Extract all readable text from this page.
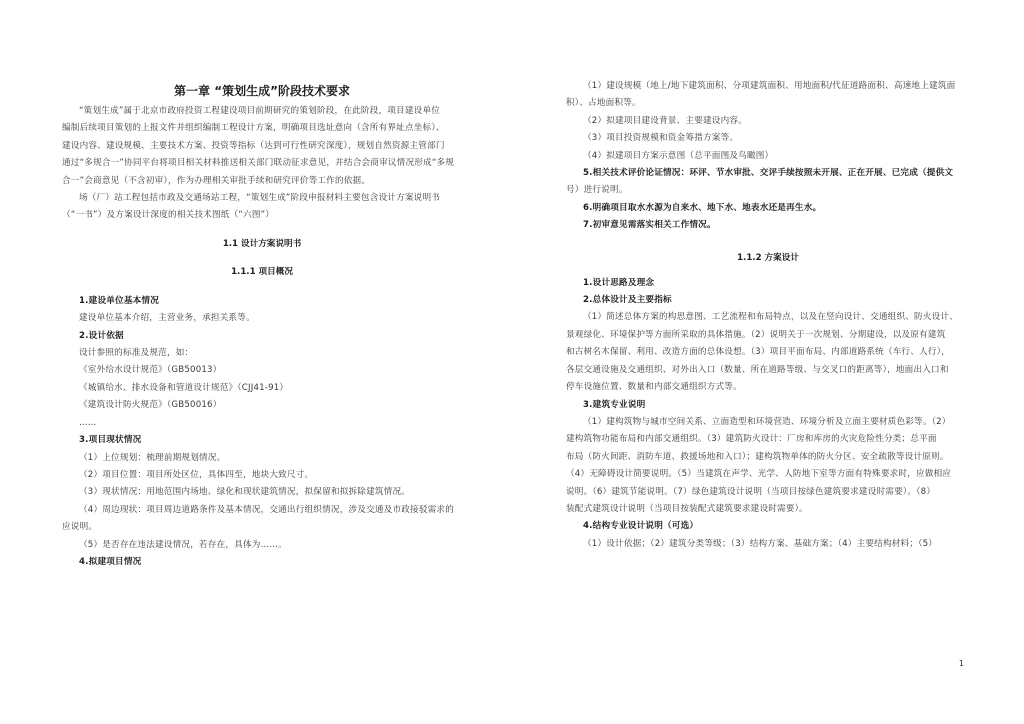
第一章 “策划生成”阶段技术要求

“策划生成”属于北京市政府投资工程建设项目前期研究的策划阶段，在此阶段，项目建设单位

编制后续项目策划的上报文件并组织编制工程设计方案，明确项目选址意向（含所有界址点坐标）、

建设内容、建设规模、主要技术方案、投资等指标（达到可行性研究深度），规划自然资源主管部门

通过“多规合一”协同平台将项目相关材料推送相关部门联动征求意见，并结合会商审议情况形成“多规

合一”会商意见（不含初审），作为办理相关审批手续和研究评价等工作的依据。

场（厂）站工程包括市政及交通场站工程，“策划生成”阶段申报材料主要包含设计方案说明书

（“一书”）及方案设计深度的相关技术图纸（“六图”）

1.1 设计方案说明书

1.1.1 项目概况

1.建设单位基本情况

建设单位基本介绍，主营业务，承担关系等。

2.设计依据

设计参照的标准及规范，如：

《室外给水设计规范》（GB50013）

《城镇给水、排水设备和管道设计规范》（CJJ41-91）

《建筑设计防火规范》（GB50016）

……

3.项目现状情况

（1）上位规划：梳理前期规划情况。

（2）项目位置：项目所处区位，具体四至，地块大致尺寸。

（3）现状情况：用地范围内场地、绿化和现状建筑情况，拟保留和拟拆除建筑情况。

（4）周边现状：项目周边道路条件及基本情况，交通出行组织情况，涉及交通及市政接驳需求的

应说明。

（5）是否存在违法建设情况，若存在，具体为……。

4.拟建项目情况

（1）建设规模（地上/地下建筑面积、分项建筑面积、用地面积/代征道路面积、高速地上建筑面

积）、占地面积等。

（2）拟建项目建设背景、主要建设内容。

（3）项目投资规模和资金筹措方案等。

（4）拟建项目方案示意图（总平面图及鸟瞰图）

5.相关技术评价论证情况：环评、节水审批、交评手续按照未开展、正在开展、已完成（提供文

号）进行说明。

6.明确项目取水水源为自来水、地下水、地表水还是再生水。

7.初审意见需落实相关工作情况。

1.1.2 方案设计

1.设计思路及理念

2.总体设计及主要指标

（1）简述总体方案的构思意图、工艺流程和布局特点，以及在竖向设计、交通组织、防火设计、

景观绿化、环境保护等方面所采取的具体措施。（2）说明关于一次规划、分期建设，以及原有建筑

和古树名木保留、利用、改造方面的总体设想。（3）项目平面布局、内部道路系统（车行、人行），

各层交通设施及交通组织、对外出入口（数量、所在道路等级、与交叉口的距离等），地面出入口和

停车设施位置、数量和内部交通组织方式等。

3.建筑专业说明

（1）建构筑物与城市空间关系、立面造型和环境营造、环境分析及立面主要材质色彩等。（2）

建构筑物功能布局和内部交通组织。（3）建筑防火设计：厂房和库房的火灾危险性分类；总平面

布局（防火间距、消防车道、救援场地和入口）；建构筑物单体的防火分区、安全疏散等设计原则。

（4）无障碍设计简要说明。（5）当建筑在声学、光学、人防地下室等方面有特殊要求时，应做相应

说明。（6）建筑节能说明。（7）绿色建筑设计说明（当项目按绿色建筑要求建设时需要）。（8）

装配式建筑设计说明（当项目按装配式建筑要求建设时需要）。

4.结构专业设计说明（可选）

（1）设计依据；（2）建筑分类等级；（3）结构方案、基础方案；（4）主要结构材料；（5）

1
